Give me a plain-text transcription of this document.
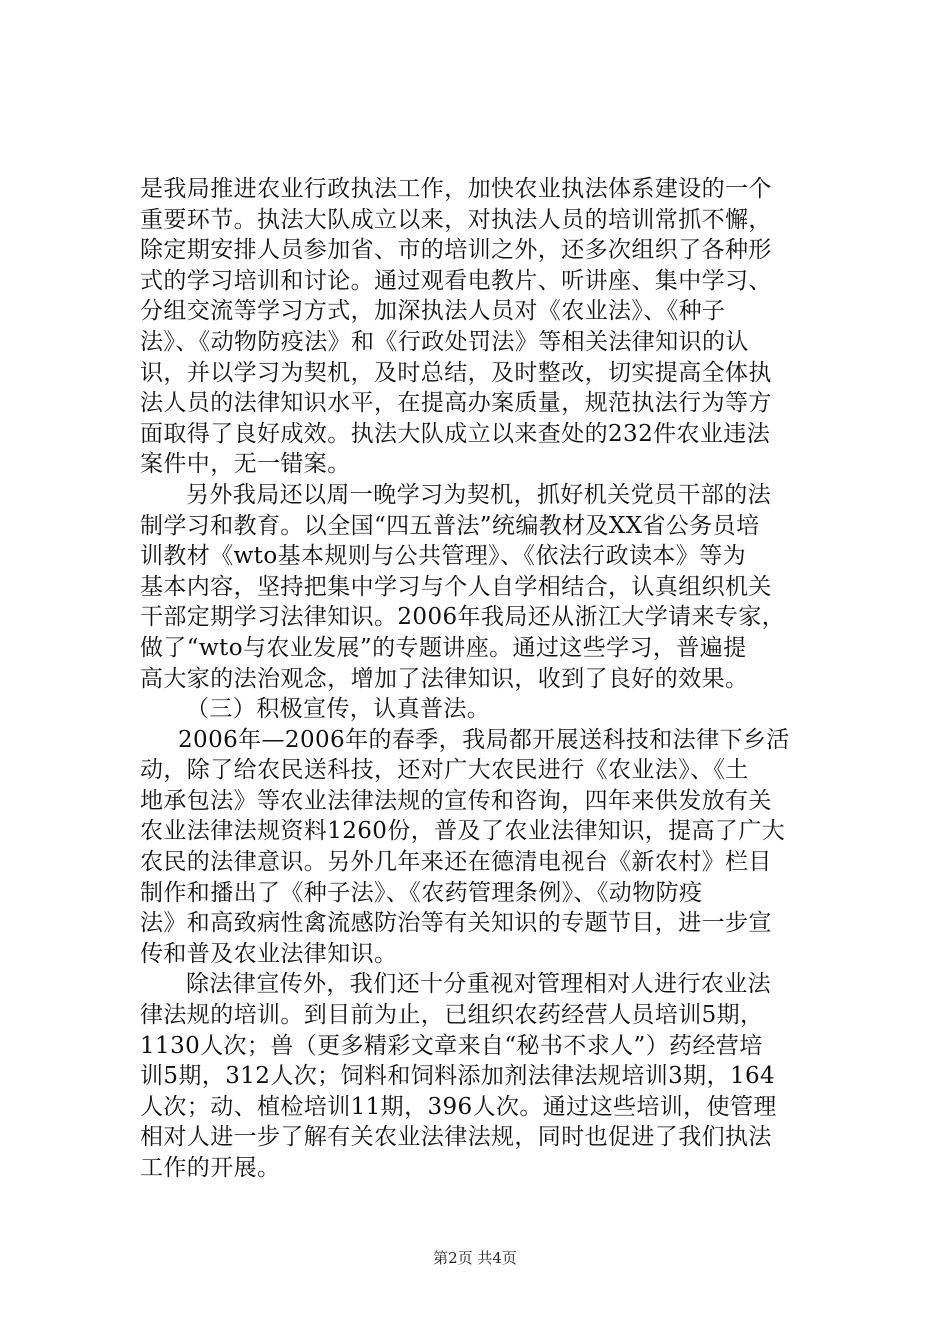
是我局推进农业行政执法工作，加快农业执法体系建设的一个
重要环节。执法大队成立以来，对执法人员的培训常抓不懈，
除定期安排人员参加省、市的培训之外，还多次组织了各种形
式的学习培训和讨论。通过观看电教片、听讲座、集中学习、
分组交流等学习方式，加深执法人员对《农业法》、《种子
法》、《动物防疫法》和《行政处罚法》等相关法律知识的认
识，并以学习为契机，及时总结，及时整改，切实提高全体执
法人员的法律知识水平，在提高办案质量，规范执法行为等方
面取得了良好成效。执法大队成立以来查处的232件农业违法
案件中，无一错案。
另外我局还以周一晚学习为契机，抓好机关党员干部的法
制学习和教育。以全国“四五普法”统编教材及XX省公务员培
训教材《wto基本规则与公共管理》、《依法行政读本》等为
基本内容，坚持把集中学习与个人自学相结合，认真组织机关
干部定期学习法律知识。2006年我局还从浙江大学请来专家，
做了“wto与农业发展”的专题讲座。通过这些学习，普遍提
高大家的法治观念，增加了法律知识，收到了良好的效果。
（三）积极宣传，认真普法。
2006年—2006年的春季，我局都开展送科技和法律下乡活
动，除了给农民送科技，还对广大农民进行《农业法》、《土
地承包法》等农业法律法规的宣传和咨询，四年来供发放有关
农业法律法规资料1260份，普及了农业法律知识，提高了广大
农民的法律意识。另外几年来还在德清电视台《新农村》栏目
制作和播出了《种子法》、《农药管理条例》、《动物防疫
法》和高致病性禽流感防治等有关知识的专题节目，进一步宣
传和普及农业法律知识。
除法律宣传外，我们还十分重视对管理相对人进行农业法
律法规的培训。到目前为止，已组织农药经营人员培训5期，
1130人次；兽（更多精彩文章来自“秘书不求人”）药经营培
训5期，312人次；饲料和饲料添加剂法律法规培训3期，164
人次；动、植检培训11期，396人次。通过这些培训，使管理
相对人进一步了解有关农业法律法规，同时也促进了我们执法
工作的开展。
第2页 共4页
